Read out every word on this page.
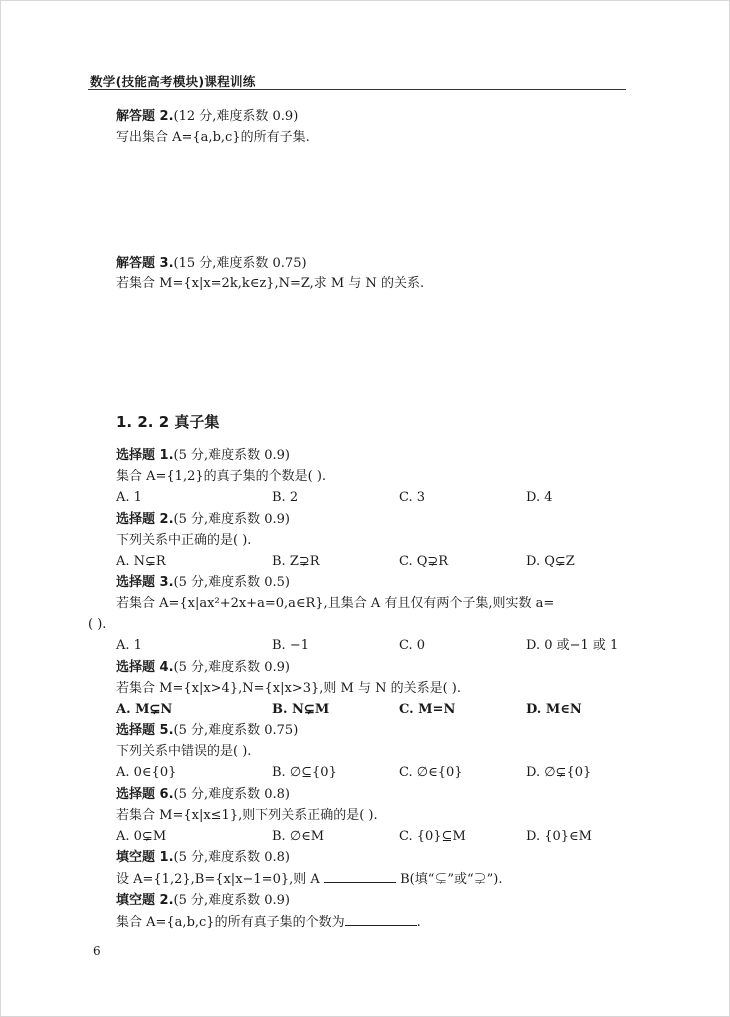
数学(技能高考模块)课程训练
解答题 2.(12 分,难度系数 0.9)
写出集合 A={a,b,c}的所有子集.
解答题 3.(15 分,难度系数 0.75)
若集合 M={x|x=2k,k∈z},N=Z,求 M 与 N 的关系.
1. 2. 2 真子集
选择题 1.(5 分,难度系数 0.9)
集合 A={1,2}的真子集的个数是( ).
A. 1	B. 2	C. 3	D. 4
选择题 2.(5 分,难度系数 0.9)
下列关系中正确的是( ).
A. N⊊R	B. Z⊋R	C. Q⊋R	D. Q⊊Z
选择题 3.(5 分,难度系数 0.5)
若集合 A={x|ax²+2x+a=0,a∈R},且集合 A 有且仅有两个子集,则实数 a=
( ).
A. 1	B. −1	C. 0	D. 0 或−1 或 1
选择题 4.(5 分,难度系数 0.9)
若集合 M={x|x>4},N={x|x>3},则 M 与 N 的关系是( ).
A. M⊊N	B. N⊊M	C. M=N	D. M∈N
选择题 5.(5 分,难度系数 0.75)
下列关系中错误的是( ).
A. 0∈{0}	B. ∅⊆{0}	C. ∅∈{0}	D. ∅⊊{0}
选择题 6.(5 分,难度系数 0.8)
若集合 M={x|x≤1},则下列关系正确的是( ).
A. 0⊊M	B. ∅∈M	C. {0}⊆M	D. {0}∈M
填空题 1.(5 分,难度系数 0.8)
设 A={1,2},B={x|x−1=0},则 A	B(填“⊊”或“⊋”).
填空题 2.(5 分,难度系数 0.9)
集合 A={a,b,c}的所有真子集的个数为	.
6
